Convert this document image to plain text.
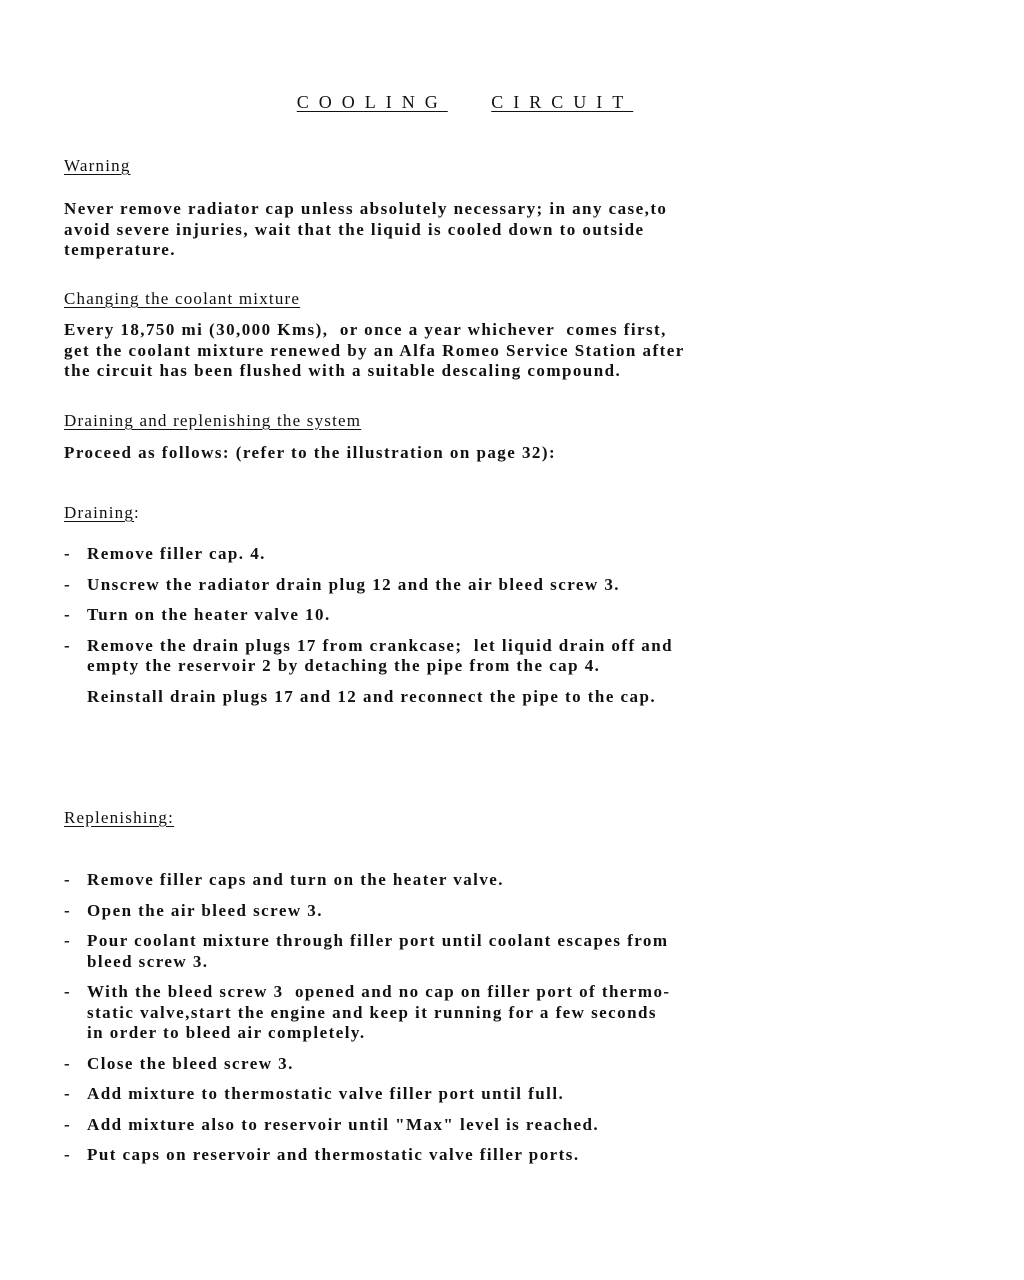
COOLING CIRCUIT
Warning
Never remove radiator cap unless absolutely necessary; in any case,to
avoid severe injuries, wait that the liquid is cooled down to outside
temperature.
Changing the coolant mixture
Every 18,750 mi (30,000 Kms),  or once a year whichever  comes first,
get the coolant mixture renewed by an Alfa Romeo Service Station after
the circuit has been flushed with a suitable descaling compound.
Draining and replenishing the system
Proceed as follows: (refer to the illustration on page 32):
Draining:
- Remove filler cap. 4.
- Unscrew the radiator drain plug 12 and the air bleed screw 3.
- Turn on the heater valve 10.
- Remove the drain plugs 17 from crankcase;  let liquid drain off and
empty the reservoir 2 by detaching the pipe from the cap 4.
Reinstall drain plugs 17 and 12 and reconnect the pipe to the cap.
Replenishing:
- Remove filler caps and turn on the heater valve.
- Open the air bleed screw 3.
- Pour coolant mixture through filler port until coolant escapes from
bleed screw 3.
- With the bleed screw 3  opened and no cap on filler port of thermo-
static valve,start the engine and keep it running for a few seconds
in order to bleed air completely.
- Close the bleed screw 3.
- Add mixture to thermostatic valve filler port until full.
- Add mixture also to reservoir until "Max" level is reached.
- Put caps on reservoir and thermostatic valve filler ports.
